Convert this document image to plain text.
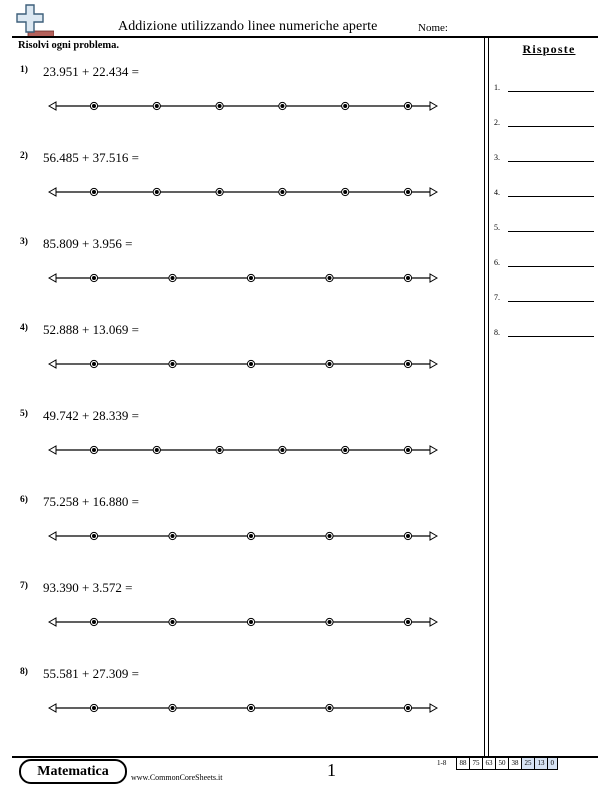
Addizione utilizzando linee numeriche aperte	Nome:
Risolvi ogni problema.	Risposte
1.
2.
3.
4.
5.
6.
7.
8.
1) 23.951 + 22.434 =
2) 56.485 + 37.516 =
3) 85.809 + 3.956 =
4) 52.888 + 13.069 =
5) 49.742 + 28.339 =
6) 75.258 + 16.880 =
7) 93.390 + 3.572 =
8) 55.581 + 27.309 =
Matematica	www.CommonCoreSheets.it	1	1-8	88 75 63 50 38 25 13 0
